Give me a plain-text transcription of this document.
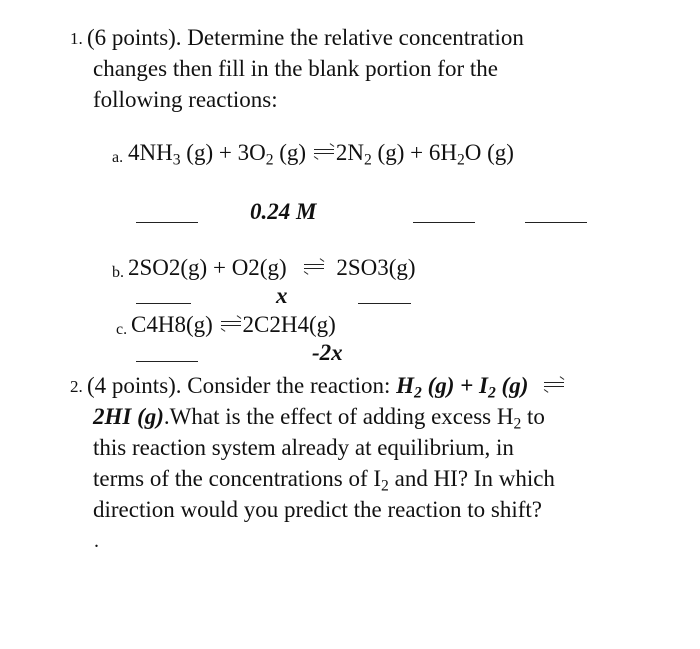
1. (6 points). Determine the relative concentration
changes then fill in the blank portion for the
following reactions:
a. $4NH_3$ $(g) + 3O_2$ (g)
$2N_2$ $(g) + 6H_2O$ (g)
0.24 M
b. 2SO2(g) + O2(g) 2SO3(g)
x
c. C4H8(g) 2C2H4(g)
-2x
2. (4 points). Consider the reaction: $H_2$ $(g) + I_2$ (g)
2HI (g).What is the effect of adding excess $H_2$ to
this reaction system already at equilibrium, in
terms of the concentrations of $I_2$ and HI? In which
direction would you predict the reaction to shift?
.
